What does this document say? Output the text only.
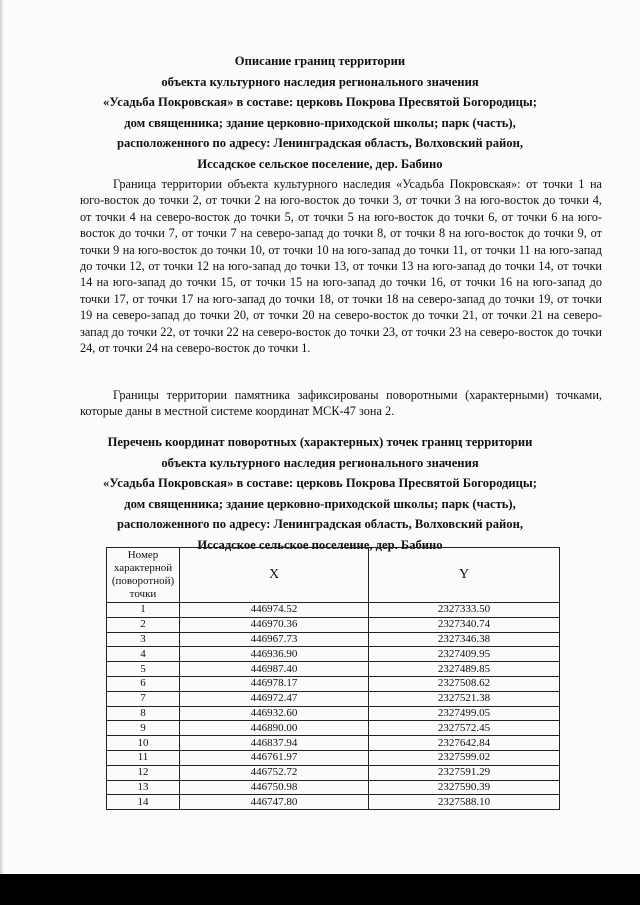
Описание границ территории
объекта культурного наследия регионального значения
«Усадьба Покровская» в составе: церковь Покрова Пресвятой Богородицы;
дом священника; здание церковно-приходской школы; парк (часть),
расположенного по адресу: Ленинградская область, Волховский район,
Иссадское сельское поселение, дер. Бабино

Граница территории объекта культурного наследия «Усадьба Покровская»: от точки 1 на юго-восток до точки 2, от точки 2 на юго-восток до точки 3, от точки 3 на юго-восток до точки 4, от точки 4 на северо-восток до точки 5, от точки 5 на юго-восток до точки 6, от точки 6 на юго-восток до точки 7, от точки 7 на северо-запад до точки 8, от точки 8 на юго-восток до точки 9, от точки 9 на юго-восток до точки 10, от точки 10 на юго-запад до точки 11, от точки 11 на юго-запад до точки 12, от точки 12 на юго-запад до точки 13, от точки 13 на юго-запад до точки 14, от точки 14 на юго-запад до точки 15, от точки 15 на юго-запад до точки 16, от точки 16 на юго-запад до точки 17, от точки 17 на юго-запад до точки 18, от точки 18 на северо-запад до точки 19, от точки 19 на северо-запад до точки 20, от точки 20 на северо-восток до точки 21, от точки 21 на северо-запад до точки 22, от точки 22 на северо-восток до точки 23, от точки 23 на северо-восток до точки 24, от точки 24 на северо-восток до точки 1.

Границы территории памятника зафиксированы поворотными (характерными) точками, которые даны в местной системе координат МСК-47 зона 2.

Перечень координат поворотных (характерных) точек границ территории
объекта культурного наследия регионального значения
«Усадьба Покровская» в составе: церковь Покрова Пресвятой Богородицы;
дом священника; здание церковно-приходской школы; парк (часть),
расположенного по адресу: Ленинградская область, Волховский район,
Иссадское сельское поселение, дер. Бабино
Номер
характерной
(поворотной)
точки	X	Y
1	446974.52	2327333.50
2	446970.36	2327340.74
3	446967.73	2327346.38
4	446936.90	2327409.95
5	446987.40	2327489.85
6	446978.17	2327508.62
7	446972.47	2327521.38
8	446932.60	2327499.05
9	446890.00	2327572.45
10	446837.94	2327642.84
11	446761.97	2327599.02
12	446752.72	2327591.29
13	446750.98	2327590.39
14	446747.80	2327588.10
